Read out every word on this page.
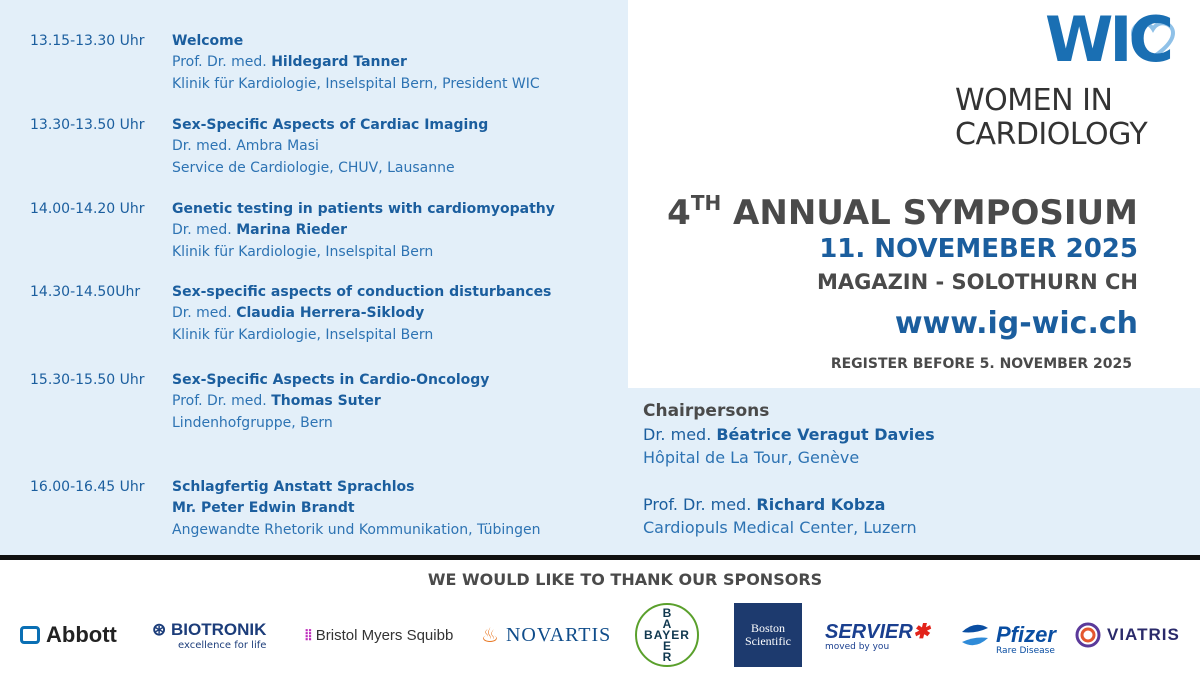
13.15-13.30 Uhr Welcome
Prof. Dr. med. Hildegard Tanner
Klinik für Kardiologie, Inselspital Bern, President WIC
13.30-13.50 Uhr Sex-Specific Aspects of Cardiac Imaging
Dr. med. Ambra Masi
Service de Cardiologie, CHUV, Lausanne
14.00-14.20 Uhr Genetic testing in patients with cardiomyopathy
Dr. med. Marina Rieder
Klinik für Kardiologie, Inselspital Bern
14.30-14.50Uhr Sex-specific aspects of conduction disturbances
Dr. med. Claudia Herrera-Siklody
Klinik für Kardiologie, Inselspital Bern
15.30-15.50 Uhr Sex-Specific Aspects in Cardio-Oncology
Prof. Dr. med. Thomas Suter
Lindenhofgruppe, Bern
16.00-16.45 Uhr Schlagfertig Anstatt Sprachlos
Mr. Peter Edwin Brandt
Angewandte Rhetorik und Kommunikation, Tübingen
WIC
WOMEN IN
CARDIOLOGY
4TH ANNUAL SYMPOSIUM
11. NOVEMEBER 2025
MAGAZIN - SOLOTHURN CH
www.ig-wic.ch
REGISTER BEFORE 5. NOVEMBER 2025
Chairpersons
Dr. med. Béatrice Veragut Davies
Hôpital de La Tour, Genève
Prof. Dr. med. Richard Kobza
Cardiopuls Medical Center, Luzern
WE WOULD LIKE TO THANK OUR SPONSORS
Abbott ⊛ BIOTRONIK
excellence for life
⦙⦙ Bristol Myers Squibb ♨ NOVARTIS	BAYER
B
A

E
R
Boston
Scientific SERVIER✱
moved by you	Pfizer
Rare Disease
VIATRIS
